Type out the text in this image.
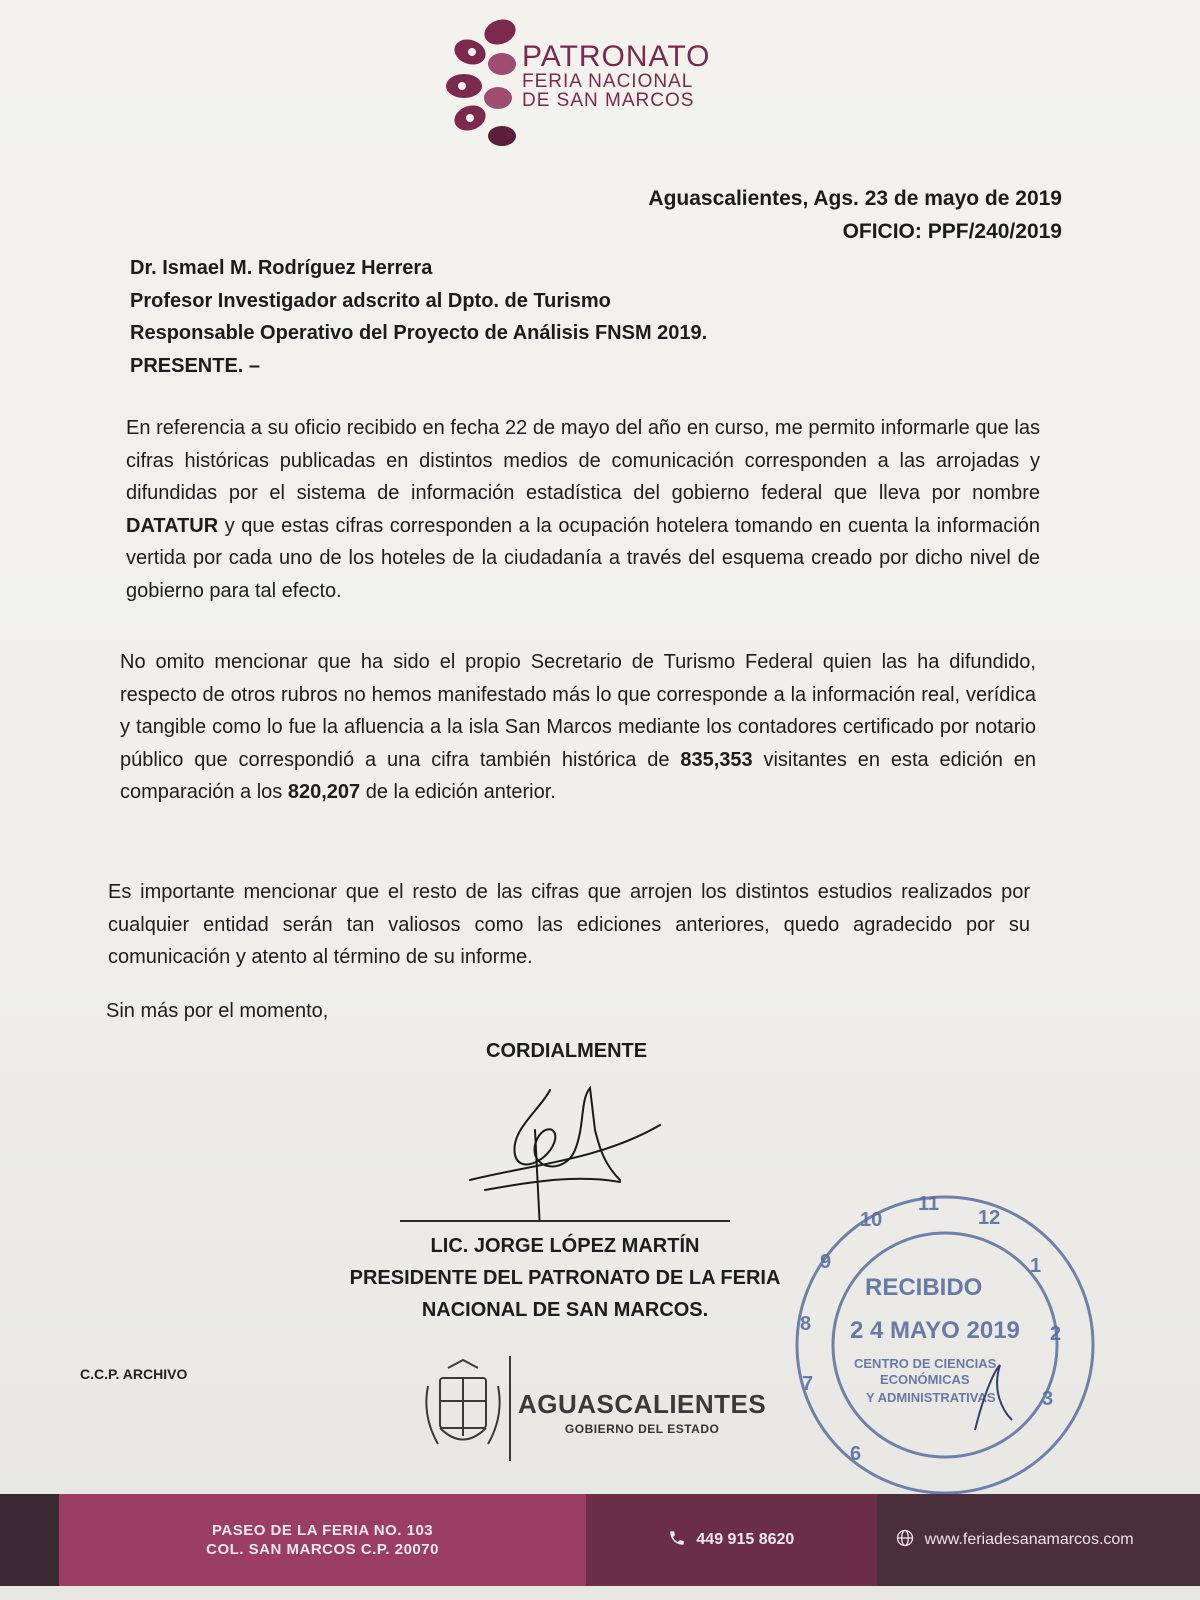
PATRONATO
FERIA NACIONAL
DE SAN MARCOS
Aguascalientes, Ags. 23 de mayo de 2019
OFICIO: PPF/240/2019
Dr. Ismael M. Rodríguez Herrera
Profesor Investigador adscrito al Dpto. de Turismo
Responsable Operativo del Proyecto de Análisis FNSM 2019.
PRESENTE. –
En referencia a su oficio recibido en fecha 22 de mayo del año en curso, me permito informarle que las cifras históricas publicadas en distintos medios de comunicación corresponden a las arrojadas y difundidas por el sistema de información estadística del gobierno federal que lleva por nombre DATATUR y que estas cifras corresponden a la ocupación hotelera tomando en cuenta la información vertida por cada uno de los hoteles de la ciudadanía a través del esquema creado por dicho nivel de gobierno para tal efecto.
No omito mencionar que ha sido el propio Secretario de Turismo Federal quien las ha difundido, respecto de otros rubros no hemos manifestado más lo que corresponde a la información real, verídica y tangible como lo fue la afluencia a la isla San Marcos mediante los contadores certificado por notario público que correspondió a una cifra también histórica de 835,353 visitantes en esta edición en comparación a los 820,207 de la edición anterior.
Es importante mencionar que el resto de las cifras que arrojen los distintos estudios realizados por cualquier entidad serán tan valiosos como las ediciones anteriores, quedo agradecido por su comunicación y atento al término de su informe.
Sin más por el momento,
CORDIALMENTE
LIC. JORGE LÓPEZ MARTÍN
PRESIDENTE DEL PATRONATO DE LA FERIA
NACIONAL DE SAN MARCOS.
C.C.P. ARCHIVO
AGUASCALIENTES
GOBIERNO DEL ESTADO
6
7
8
9
10
11
12
1
2
3
RECIBIDO
2 4 MAYO 2019
CENTRO DE CIENCIAS
ECONÓMICAS
Y ADMINISTRATIVAS
PASEO DE LA FERIA NO. 103
COL. SAN MARCOS C.P. 20070
449 915 8620	www.feriadesanamarcos.com
